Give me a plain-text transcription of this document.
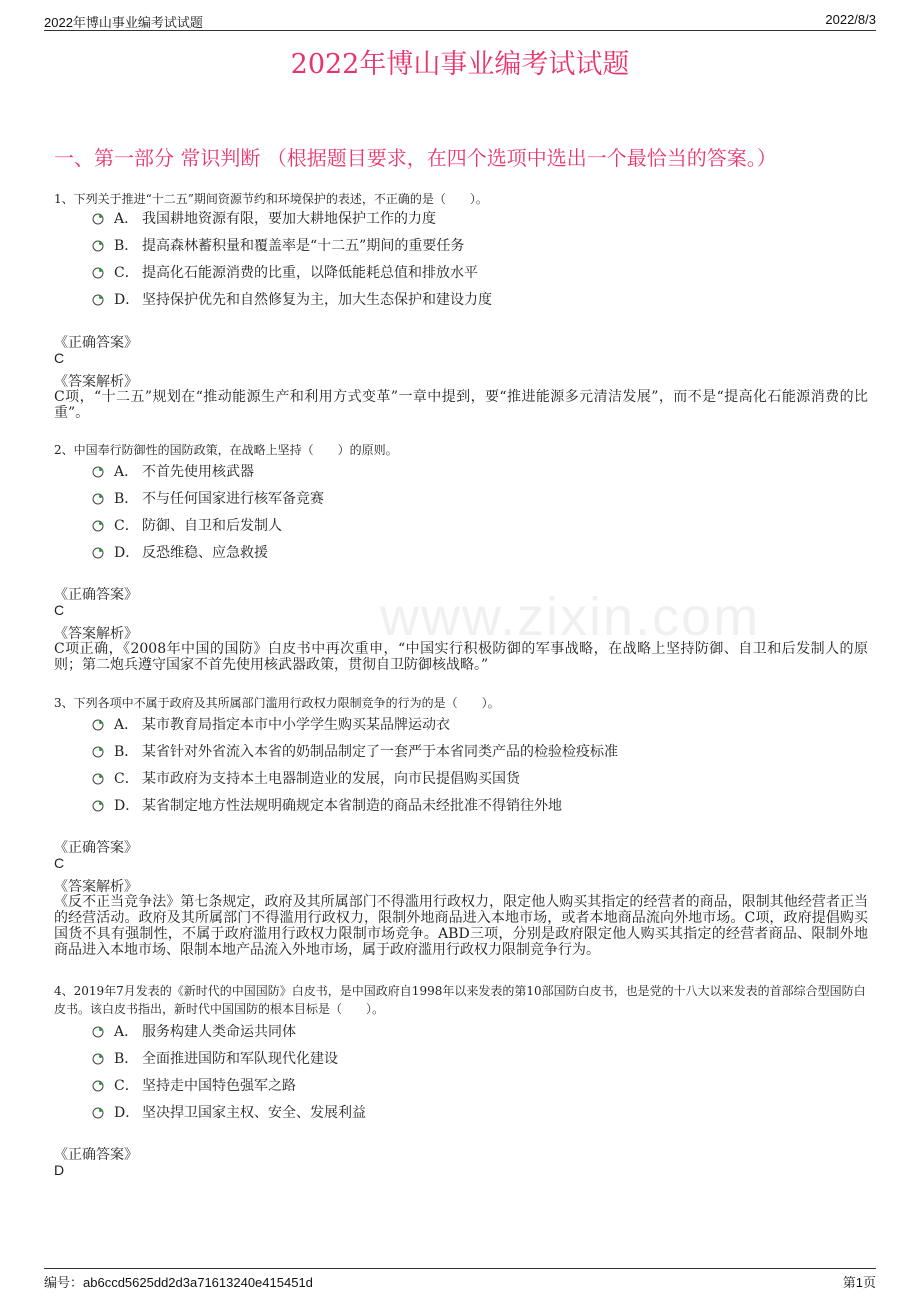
2022年博山事业编考试试题	2022/8/3
2022年博山事业编考试试题
一、第一部分 常识判断 （根据题目要求，在四个选项中选出一个最恰当的答案。）
www.zixin.com
1、下列关于推进“十二五”期间资源节约和环境保护的表述，不正确的是（　　）。
A． 我国耕地资源有限，要加大耕地保护工作的力度
B． 提高森林蓄积量和覆盖率是“十二五”期间的重要任务
C． 提高化石能源消费的比重，以降低能耗总值和排放水平
D． 坚持保护优先和自然修复为主，加大生态保护和建设力度
《正确答案》
C
《答案解析》
C项，“十二五”规划在“推动能源生产和利用方式变革”一章中提到，要“推进能源多元清洁发展”，而不是“提高化石能源消费的比重”。
2、中国奉行防御性的国防政策，在战略上坚持（　　）的原则。
A． 不首先使用核武器
B． 不与任何国家进行核军备竞赛
C． 防御、自卫和后发制人
D． 反恐维稳、应急救援
《正确答案》
C
《答案解析》
C项正确，《2008年中国的国防》白皮书中再次重申，“中国实行积极防御的军事战略，在战略上坚持防御、自卫和后发制人的原则；第二炮兵遵守国家不首先使用核武器政策，贯彻自卫防御核战略。”
3、下列各项中不属于政府及其所属部门滥用行政权力限制竞争的行为的是（　　）。
A． 某市教育局指定本市中小学学生购买某品牌运动衣
B． 某省针对外省流入本省的奶制品制定了一套严于本省同类产品的检验检疫标准
C． 某市政府为支持本土电器制造业的发展，向市民提倡购买国货
D． 某省制定地方性法规明确规定本省制造的商品未经批准不得销往外地
《正确答案》
C
《答案解析》
《反不正当竞争法》第七条规定，政府及其所属部门不得滥用行政权力，限定他人购买其指定的经营者的商品，限制其他经营者正当的经营活动。政府及其所属部门不得滥用行政权力，限制外地商品进入本地市场，或者本地商品流向外地市场。C项，政府提倡购买国货不具有强制性，不属于政府滥用行政权力限制市场竞争。ABD三项，分别是政府限定他人购买其指定的经营者商品、限制外地商品进入本地市场、限制本地产品流入外地市场，属于政府滥用行政权力限制竞争行为。
4、2019年7月发表的《新时代的中国国防》白皮书，是中国政府自1998年以来发表的第10部国防白皮书，也是党的十八大以来发表的首部综合型国防白皮书。该白皮书指出，新时代中国国防的根本目标是（　　）。
A． 服务构建人类命运共同体
B． 全面推进国防和军队现代化建设
C． 坚持走中国特色强军之路
D． 坚决捍卫国家主权、安全、发展利益
《正确答案》
D
编号：ab6ccd5625dd2d3a71613240e415451d	第1页
